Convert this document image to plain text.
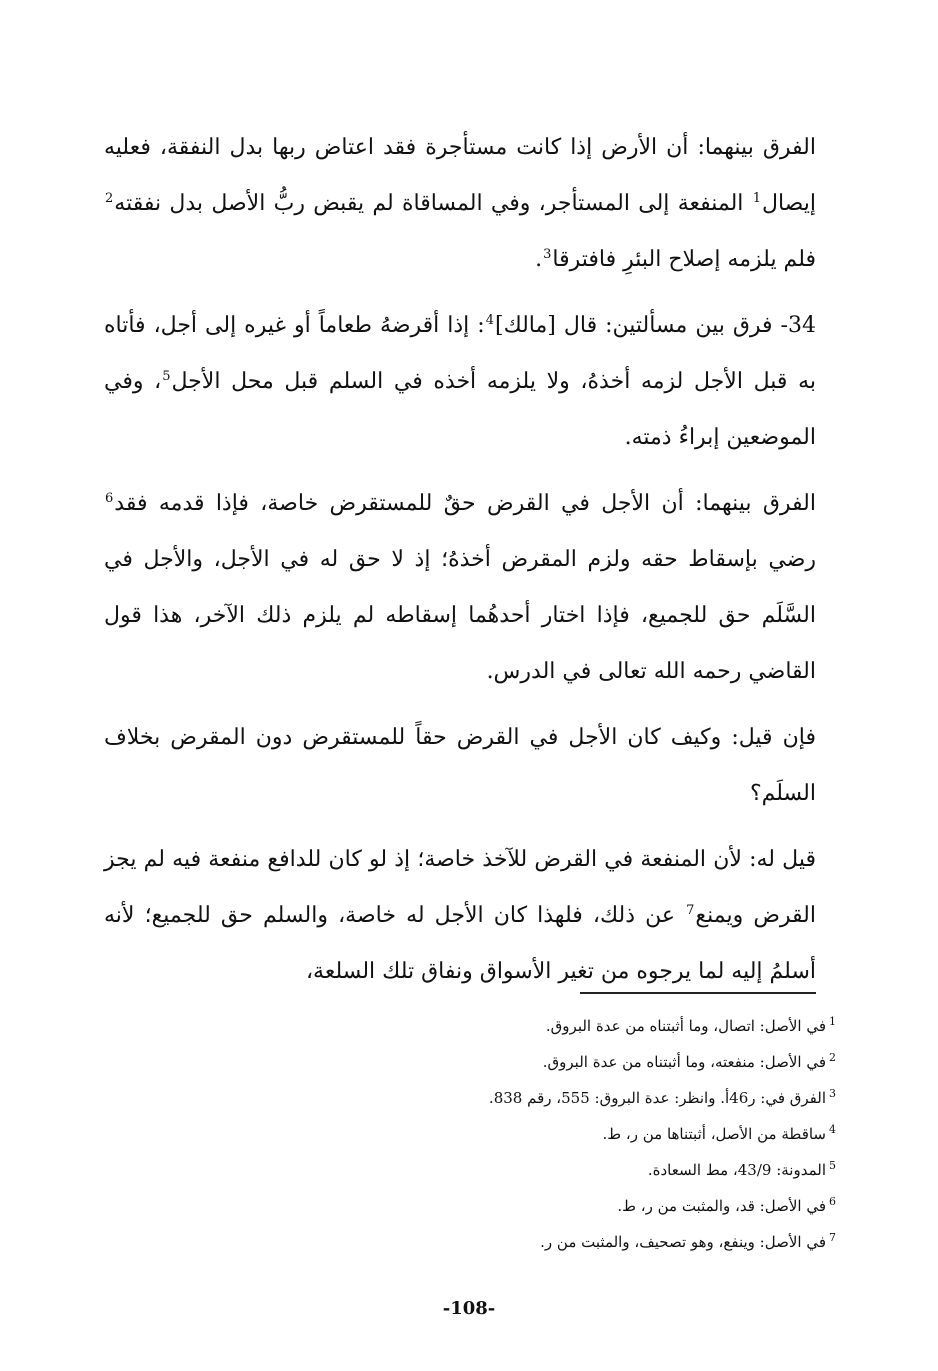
الفرق بينهما: أن الأرض إذا كانت مستأجرة فقد اعتاض ربها بدل النفقة، فعليه إيصال$^1$ المنفعة إلى المستأجر، وفي المساقاة لم يقبض ربُّ الأصل بدل نفقته$^2$ فلم يلزمه إصلاح البئرِ فافترقا$^3$.

34- فرق بين مسألتين: قال [مالك]$^4$: إذا أقرضهُ طعاماً أو غيره إلى أجل، فأتاه به قبل الأجل لزمه أخذهُ، ولا يلزمه أخذه في السلم قبل محل الأجل$^5$، وفي الموضعين إبراءُ ذمته.

الفرق بينهما: أن الأجل في القرض حقٌ للمستقرض خاصة، فإذا قدمه فقد$^6$ رضي بإسقاط حقه ولزم المقرض أخذهُ؛ إذ لا حق له في الأجل، والأجل في السَّلَم حق للجميع، فإذا اختار أحدهُما إسقاطه لم يلزم ذلك الآخر، هذا قول القاضي رحمه الله تعالى في الدرس.

فإن قيل: وكيف كان الأجل في القرض حقاً للمستقرض دون المقرض بخلاف السلَم؟

قيل له: لأن المنفعة في القرض للآخذ خاصة؛ إذ لو كان للدافع منفعة فيه لم يجز القرض ويمنع$^7$ عن ذلك، فلهذا كان الأجل له خاصة، والسلم حق للجميع؛ لأنه أسلمُ إليه لما يرجوه من تغير الأسواق ونفاق تلك السلعة،

$^1$في الأصل: اتصال، وما أثبتناه من عدة البروق.

$^2$في الأصل: منفعته، وما أثبتناه من عدة البروق.

$^3$الفرق في: ر46أ. وانظر: عدة البروق: 555، رقم 838.

$^4$ساقطة من الأصل، أثبتناها من ر، ط.

$^5$المدونة: 43/9، مط السعادة.

$^6$في الأصل: قد، والمثبت من ر، ط.

$^7$في الأصل: وينفع، وهو تصحيف، والمثبت من ر.

-108-
